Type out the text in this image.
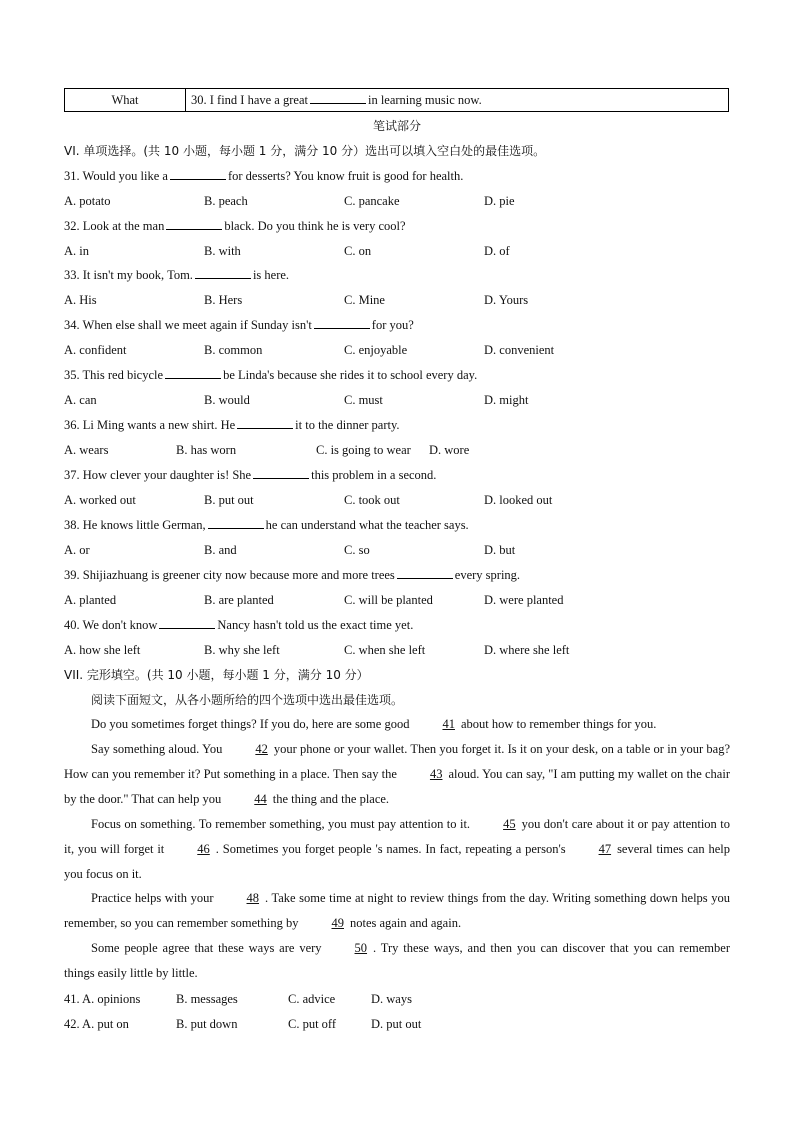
What	30. I find I have a great	in learning music now.
笔试部分
VI. 单项选择。(共 10 小题，每小题 1 分，满分 10 分）选出可以填入空白处的最佳选项。
31. Would you like a	for desserts? You know fruit is good for health.
A. potato	B. peach	C. pancake	D. pie
32. Look at the man	black. Do you think he is very cool?
A. in	B. with	C. on	D. of
33. It isn't my book, Tom.	is here.
A. His	B. Hers	C. Mine	D. Yours
34. When else shall we meet again if Sunday isn't	for you?
A. confident	B. common	C. enjoyable	D. convenient
35. This red bicycle	be Linda's because she rides it to school every day.
A. can	B. would	C. must	D. might
36. Li Ming wants a new shirt. He	it to the dinner party.
A. wears	B. has worn	C. is going to wear D. wore
37. How clever your daughter is! She	this problem in a second.
A. worked out	B. put out	C. took out	D. looked out
38. He knows little German,	he can understand what the teacher says.
A. or	B. and	C. so	D. but
39. Shijiazhuang is greener city now because more and more trees	every spring.
A. planted	B. are planted	C. will be planted	D. were planted
40. We don't know	Nancy hasn't told us the exact time yet.
A. how she left	B. why she left	C. when she left	D. where she left
VII. 完形填空。(共 10 小题，每小题 1 分，满分 10 分）
阅读下面短文，从各小题所给的四个选项中选出最佳选项。
Do you sometimes forget things? If you do, here are some good	41 about how to remember things for you.
Say something aloud. You	42 your phone or your wallet. Then you forget it. Is it on your desk, on a table or in your bag? How can you remember it? Put something in a place. Then say the	43 aloud. You can say, "I am putting my wallet on the chair by the door." That can help you	44 the thing and the place.
Focus on something. To remember something, you must pay attention to it.	45 you don't care about it or pay attention to it, you will forget it	46 . Sometimes you forget people 's names. In fact, repeating a person's	47 several times can help you focus on it.
Practice helps with your	48 . Take some time at night to review things from the day. Writing something down helps you remember, so you can remember something by	49 notes again and again.
Some people agree that these ways are very	50 . Try these ways, and then you can discover that you can remember things easily little by little.
41. A. opinions	B. messages	C. advice	D. ways
42. A. put on	B. put down	C. put off	D. put out
